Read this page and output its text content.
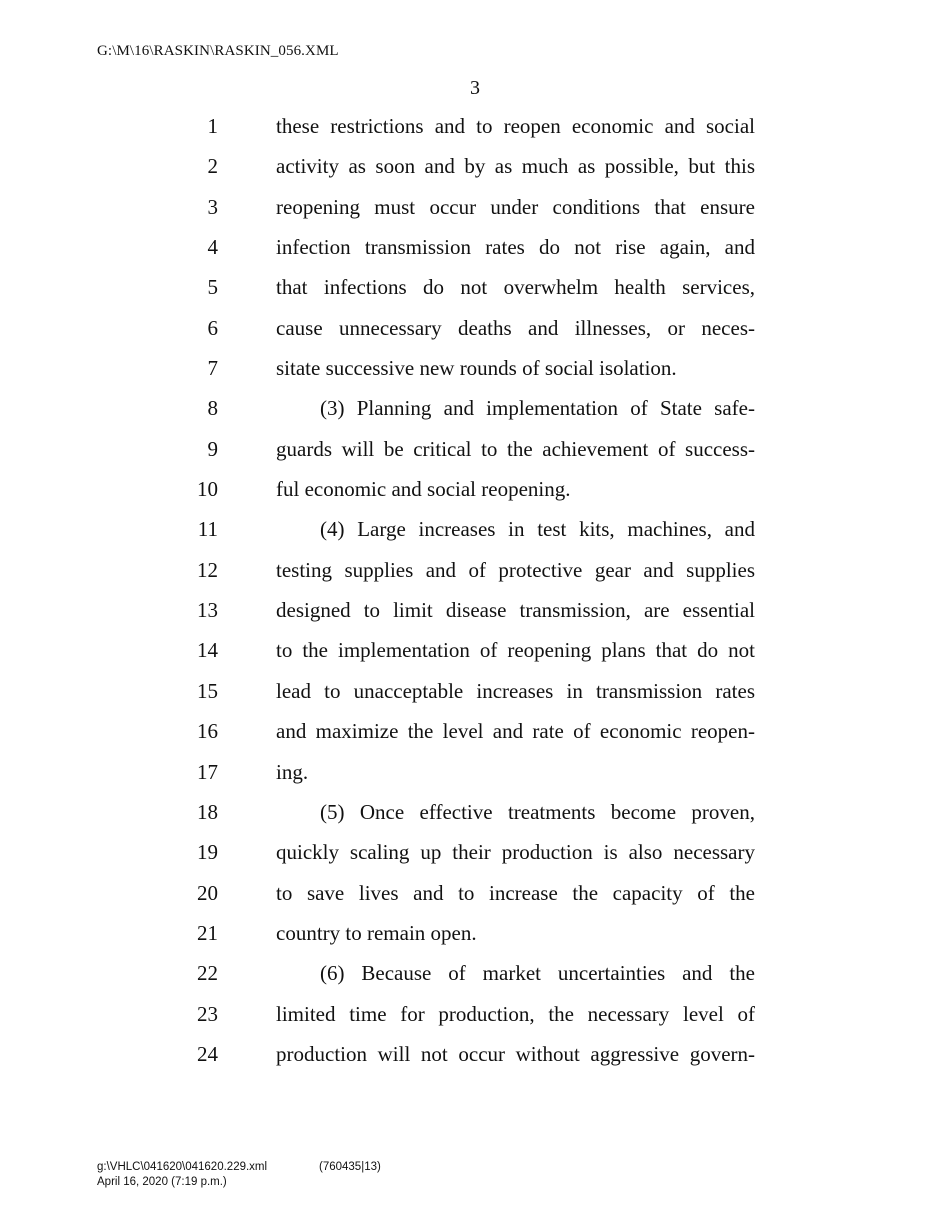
G:\M\16\RASKIN\RASKIN_056.XML
3
1	these restrictions and to reopen economic and social
2	activity as soon and by as much as possible, but this
3	reopening must occur under conditions that ensure
4	infection transmission rates do not rise again, and
5	that infections do not overwhelm health services,
6	cause unnecessary deaths and illnesses, or neces-
7	sitate successive new rounds of social isolation.
8	(3) Planning and implementation of State safe-
9	guards will be critical to the achievement of success-
10	ful economic and social reopening.
11	(4) Large increases in test kits, machines, and
12	testing supplies and of protective gear and supplies
13	designed to limit disease transmission, are essential
14	to the implementation of reopening plans that do not
15	lead to unacceptable increases in transmission rates
16	and maximize the level and rate of economic reopen-
17	ing.
18	(5) Once effective treatments become proven,
19	quickly scaling up their production is also necessary
20	to save lives and to increase the capacity of the
21	country to remain open.
22	(6) Because of market uncertainties and the
23	limited time for production, the necessary level of
24	production will not occur without aggressive govern-
g:\VHLC\041620\041620.229.xml	(760435|13)
April 16, 2020 (7:19 p.m.)
